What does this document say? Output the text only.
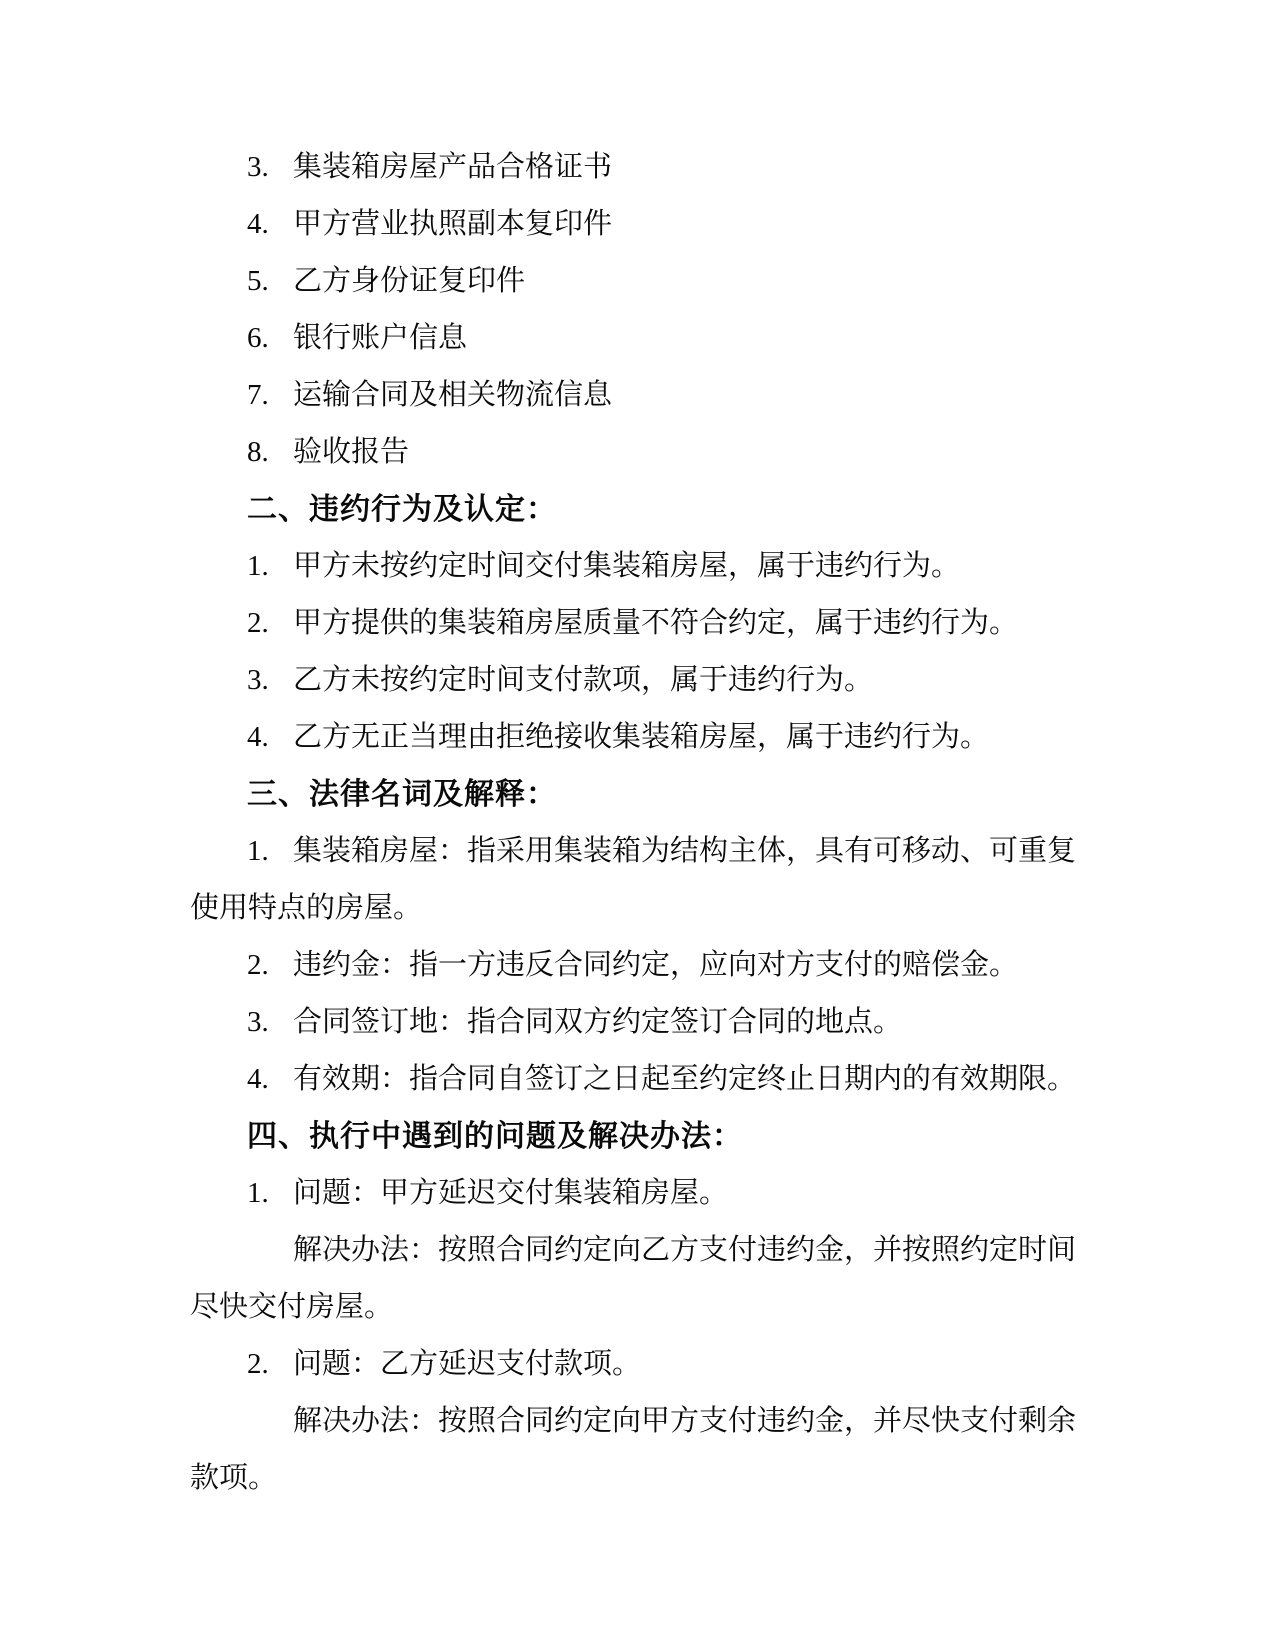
3. 集装箱房屋产品合格证书
4. 甲方营业执照副本复印件
5. 乙方身份证复印件
6. 银行账户信息
7. 运输合同及相关物流信息
8. 验收报告
二、违约行为及认定：
1. 甲方未按约定时间交付集装箱房屋，属于违约行为。
2. 甲方提供的集装箱房屋质量不符合约定，属于违约行为。
3. 乙方未按约定时间支付款项，属于违约行为。
4. 乙方无正当理由拒绝接收集装箱房屋，属于违约行为。
三、法律名词及解释：
1. 集装箱房屋：指采用集装箱为结构主体，具有可移动、可重复
使用特点的房屋。
2. 违约金：指一方违反合同约定，应向对方支付的赔偿金。
3. 合同签订地：指合同双方约定签订合同的地点。
4. 有效期：指合同自签订之日起至约定终止日期内的有效期限。
四、执行中遇到的问题及解决办法：
1. 问题：甲方延迟交付集装箱房屋。
解决办法：按照合同约定向乙方支付违约金，并按照约定时间
尽快交付房屋。
2. 问题：乙方延迟支付款项。
解决办法：按照合同约定向甲方支付违约金，并尽快支付剩余
款项。
